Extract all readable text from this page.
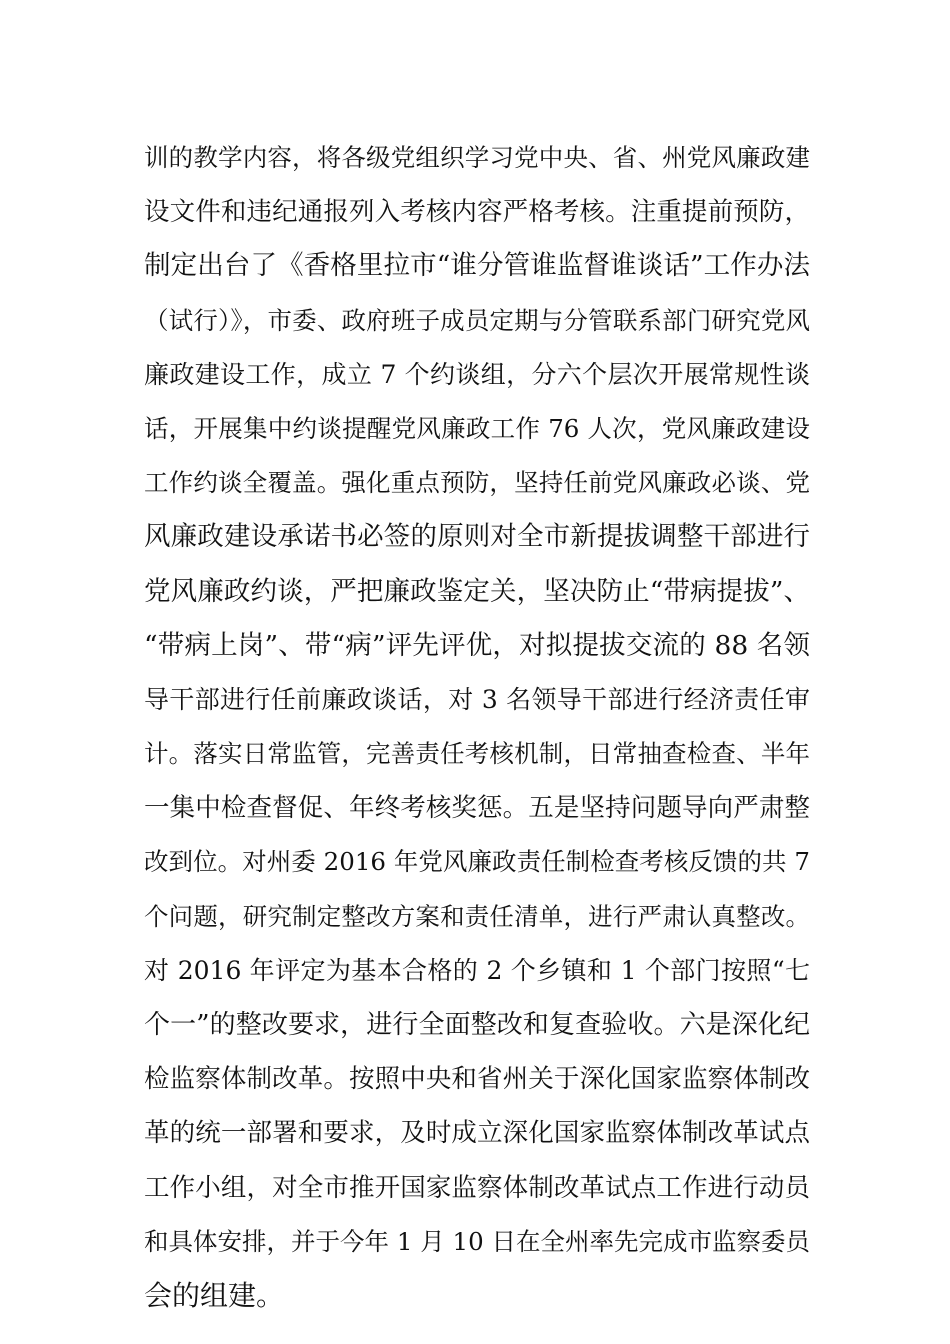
训的教学内容，将各级党组织学习党中央、省、州党风廉政建
设文件和违纪通报列入考核内容严格考核。注重提前预防，
制定出台了《香格里拉市“谁分管谁监督谁谈话”工作办法
（试行）》，市委、政府班子成员定期与分管联系部门研究党风
廉政建设工作，成立 7 个约谈组，分六个层次开展常规性谈
话，开展集中约谈提醒党风廉政工作 76 人次，党风廉政建设
工作约谈全覆盖。强化重点预防，坚持任前党风廉政必谈、党
风廉政建设承诺书必签的原则对全市新提拔调整干部进行
党风廉政约谈，严把廉政鉴定关，坚决防止“带病提拔”、
“带病上岗”、带“病”评先评优，对拟提拔交流的 88 名领
导干部进行任前廉政谈话，对 3 名领导干部进行经济责任审
计。落实日常监管，完善责任考核机制，日常抽查检查、半年
一集中检查督促、年终考核奖惩。五是坚持问题导向严肃整
改到位。对州委 2016 年党风廉政责任制检查考核反馈的共 7
个问题，研究制定整改方案和责任清单，进行严肃认真整改。
对 2016 年评定为基本合格的 2 个乡镇和 1 个部门按照“七
个一”的整改要求，进行全面整改和复查验收。六是深化纪
检监察体制改革。按照中央和省州关于深化国家监察体制改
革的统一部署和要求，及时成立深化国家监察体制改革试点
工作小组，对全市推开国家监察体制改革试点工作进行动员
和具体安排，并于今年 1 月 10 日在全州率先完成市监察委员
会的组建。
